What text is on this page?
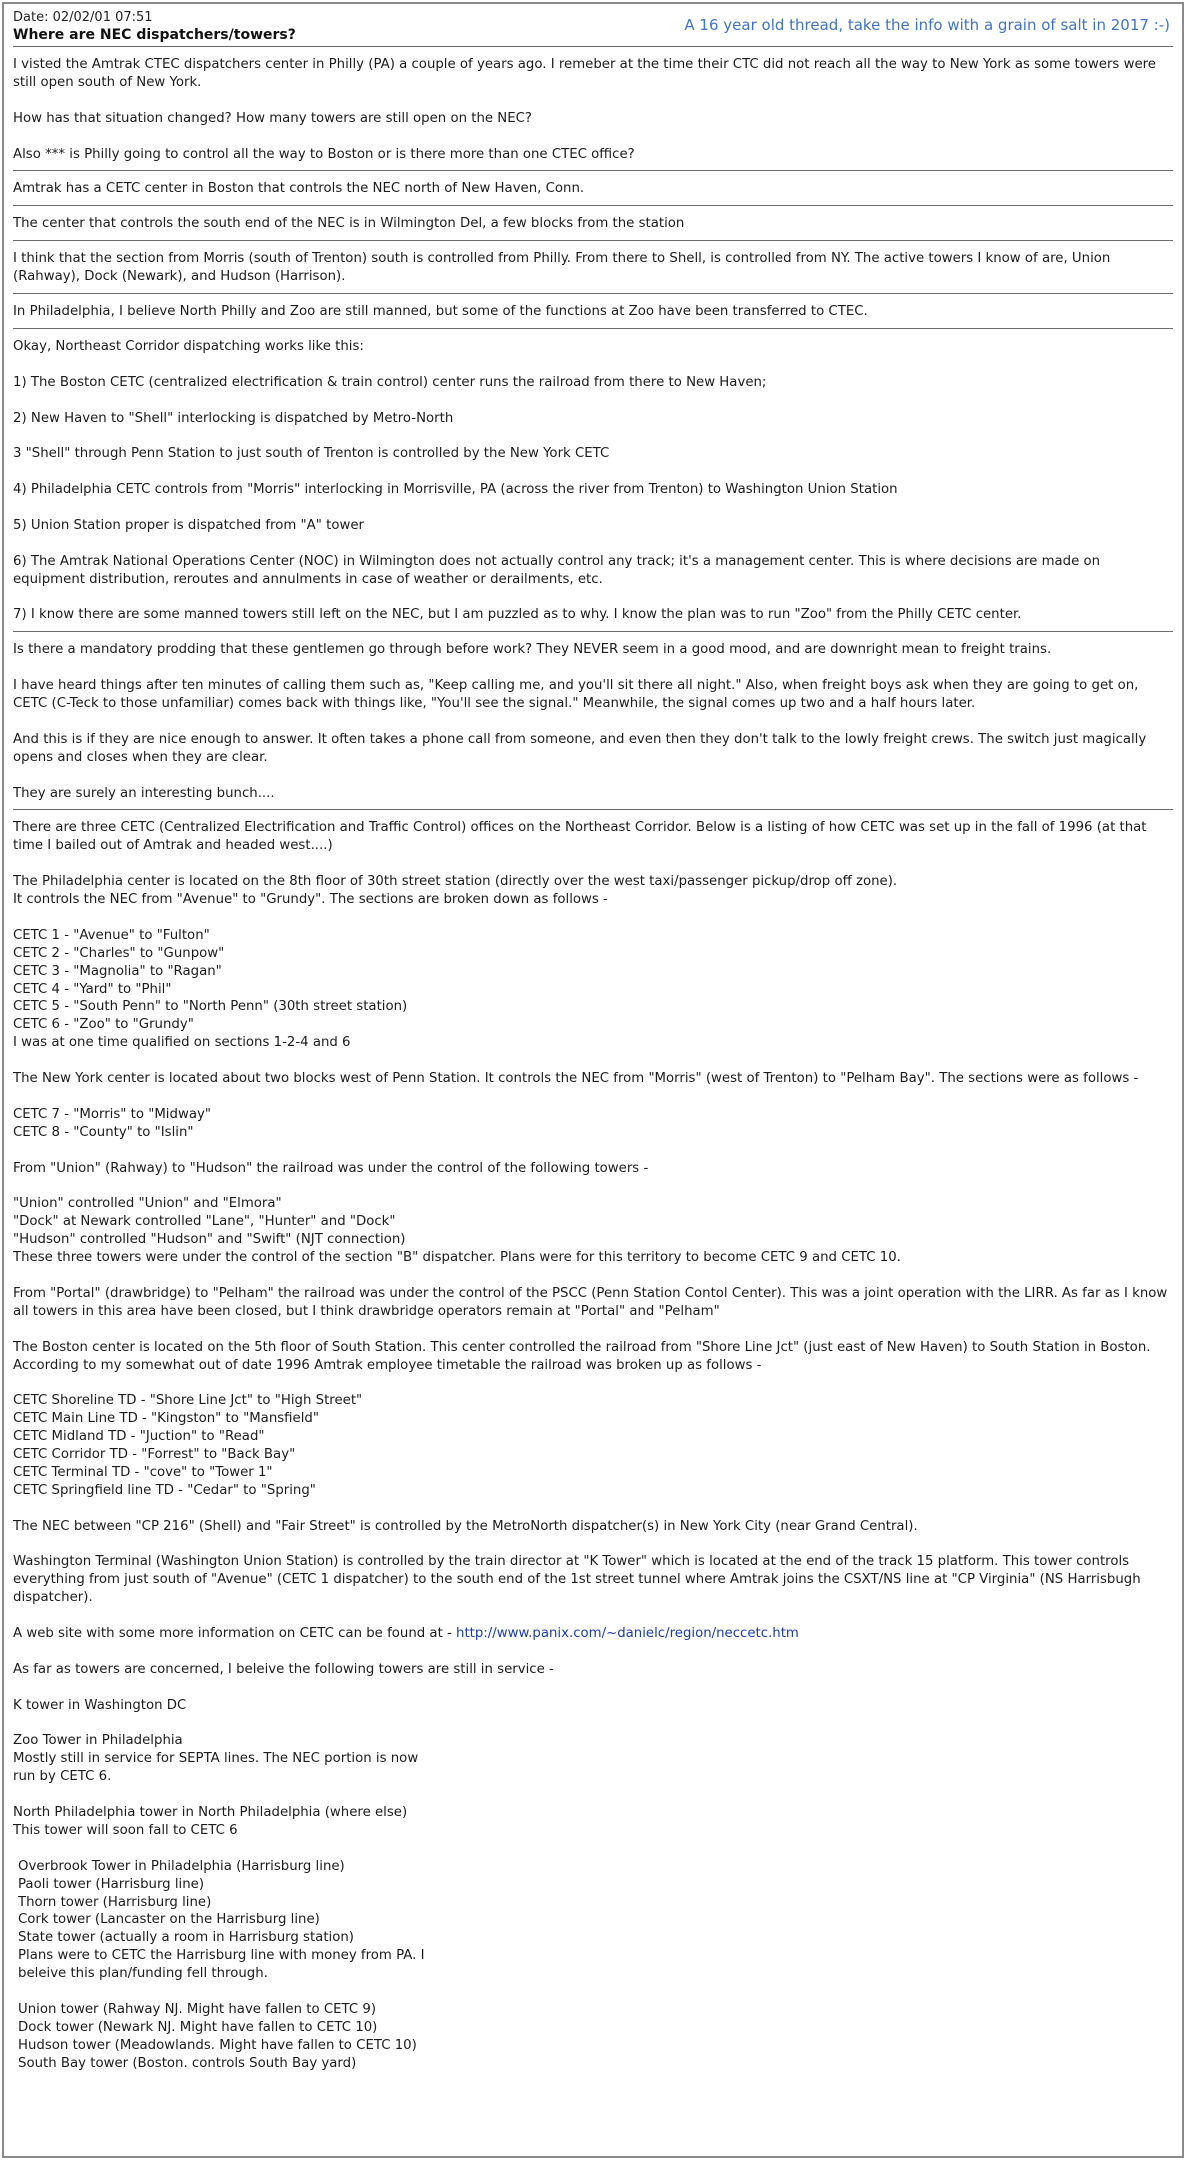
Date: 02/02/01 07:51
Where are NEC dispatchers/towers?
A 16 year old thread, take the info with a grain of salt in 2017 :-)

I visted the Amtrak CTEC dispatchers center in Philly (PA) a couple of years ago. I remeber at the time their CTC did not reach all the way to New York as some towers were still open south of New York.

How has that situation changed? How many towers are still open on the NEC?

Also *** is Philly going to control all the way to Boston or is there more than one CTEC office?

Amtrak has a CETC center in Boston that controls the NEC north of New Haven, Conn.

The center that controls the south end of the NEC is in Wilmington Del, a few blocks from the station

I think that the section from Morris (south of Trenton) south is controlled from Philly. From there to Shell, is controlled from NY. The active towers I know of are, Union (Rahway), Dock (Newark), and Hudson (Harrison).

In Philadelphia, I believe North Philly and Zoo are still manned, but some of the functions at Zoo have been transferred to CTEC.

Okay, Northeast Corridor dispatching works like this:

1) The Boston CETC (centralized electrification & train control) center runs the railroad from there to New Haven;

2) New Haven to "Shell" interlocking is dispatched by Metro-North

3 "Shell" through Penn Station to just south of Trenton is controlled by the New York CETC

4) Philadelphia CETC controls from "Morris" interlocking in Morrisville, PA (across the river from Trenton) to Washington Union Station

5) Union Station proper is dispatched from "A" tower

6) The Amtrak National Operations Center (NOC) in Wilmington does not actually control any track; it's a management center. This is where decisions are made on equipment distribution, reroutes and annulments in case of weather or derailments, etc.

7) I know there are some manned towers still left on the NEC, but I am puzzled as to why. I know the plan was to run "Zoo" from the Philly CETC center.

Is there a mandatory prodding that these gentlemen go through before work? They NEVER seem in a good mood, and are downright mean to freight trains.

I have heard things after ten minutes of calling them such as, "Keep calling me, and you'll sit there all night." Also, when freight boys ask when they are going to get on, CETC (C-Teck to those unfamiliar) comes back with things like, "You'll see the signal." Meanwhile, the signal comes up two and a half hours later.

And this is if they are nice enough to answer. It often takes a phone call from someone, and even then they don't talk to the lowly freight crews. The switch just magically opens and closes when they are clear.

They are surely an interesting bunch....

There are three CETC (Centralized Electrification and Traffic Control) offices on the Northeast Corridor. Below is a listing of how CETC was set up in the fall of 1996 (at that time I bailed out of Amtrak and headed west....)

The Philadelphia center is located on the 8th floor of 30th street station (directly over the west taxi/passenger pickup/drop off zone).
It controls the NEC from "Avenue" to "Grundy". The sections are broken down as follows -

CETC 1 - "Avenue" to "Fulton"
CETC 2 - "Charles" to "Gunpow"
CETC 3 - "Magnolia" to "Ragan"
CETC 4 - "Yard" to "Phil"
CETC 5 - "South Penn" to "North Penn" (30th street station)
CETC 6 - "Zoo" to "Grundy"
I was at one time qualified on sections 1-2-4 and 6

The New York center is located about two blocks west of Penn Station. It controls the NEC from "Morris" (west of Trenton) to "Pelham Bay". The sections were as follows -

CETC 7 - "Morris" to "Midway"
CETC 8 - "County" to "Islin"

From "Union" (Rahway) to "Hudson" the railroad was under the control of the following towers -

"Union" controlled "Union" and "Elmora"
"Dock" at Newark controlled "Lane", "Hunter" and "Dock"
"Hudson" controlled "Hudson" and "Swift" (NJT connection)
These three towers were under the control of the section "B" dispatcher. Plans were for this territory to become CETC 9 and CETC 10.

From "Portal" (drawbridge) to "Pelham" the railroad was under the control of the PSCC (Penn Station Contol Center). This was a joint operation with the LIRR. As far as I know all towers in this area have been closed, but I think drawbridge operators remain at "Portal" and "Pelham"

The Boston center is located on the 5th floor of South Station. This center controlled the railroad from "Shore Line Jct" (just east of New Haven) to South Station in Boston. According to my somewhat out of date 1996 Amtrak employee timetable the railroad was broken up as follows -

CETC Shoreline TD - "Shore Line Jct" to "High Street"
CETC Main Line TD - "Kingston" to "Mansfield"
CETC Midland TD - "Juction" to "Read"
CETC Corridor TD - "Forrest" to "Back Bay"
CETC Terminal TD - "cove" to "Tower 1"
CETC Springfield line TD - "Cedar" to "Spring"

The NEC between "CP 216" (Shell) and "Fair Street" is controlled by the MetroNorth dispatcher(s) in New York City (near Grand Central).

Washington Terminal (Washington Union Station) is controlled by the train director at "K Tower" which is located at the end of the track 15 platform. This tower controls everything from just south of "Avenue" (CETC 1 dispatcher) to the south end of the 1st street tunnel where Amtrak joins the CSXT/NS line at "CP Virginia" (NS Harrisbugh dispatcher).

A web site with some more information on CETC can be found at - http://www.panix.com/~danielc/region/neccetc.htm

As far as towers are concerned, I beleive the following towers are still in service -

K tower in Washington DC

Zoo Tower in Philadelphia
Mostly still in service for SEPTA lines. The NEC portion is now
run by CETC 6.

North Philadelphia tower in North Philadelphia (where else)
This tower will soon fall to CETC 6

Overbrook Tower in Philadelphia (Harrisburg line)
Paoli tower (Harrisburg line)
Thorn tower (Harrisburg line)
Cork tower (Lancaster on the Harrisburg line)
State tower (actually a room in Harrisburg station)
Plans were to CETC the Harrisburg line with money from PA. I
beleive this plan/funding fell through.

Union tower (Rahway NJ. Might have fallen to CETC 9)
Dock tower (Newark NJ. Might have fallen to CETC 10)
Hudson tower (Meadowlands. Might have fallen to CETC 10)
South Bay tower (Boston. controls South Bay yard)
